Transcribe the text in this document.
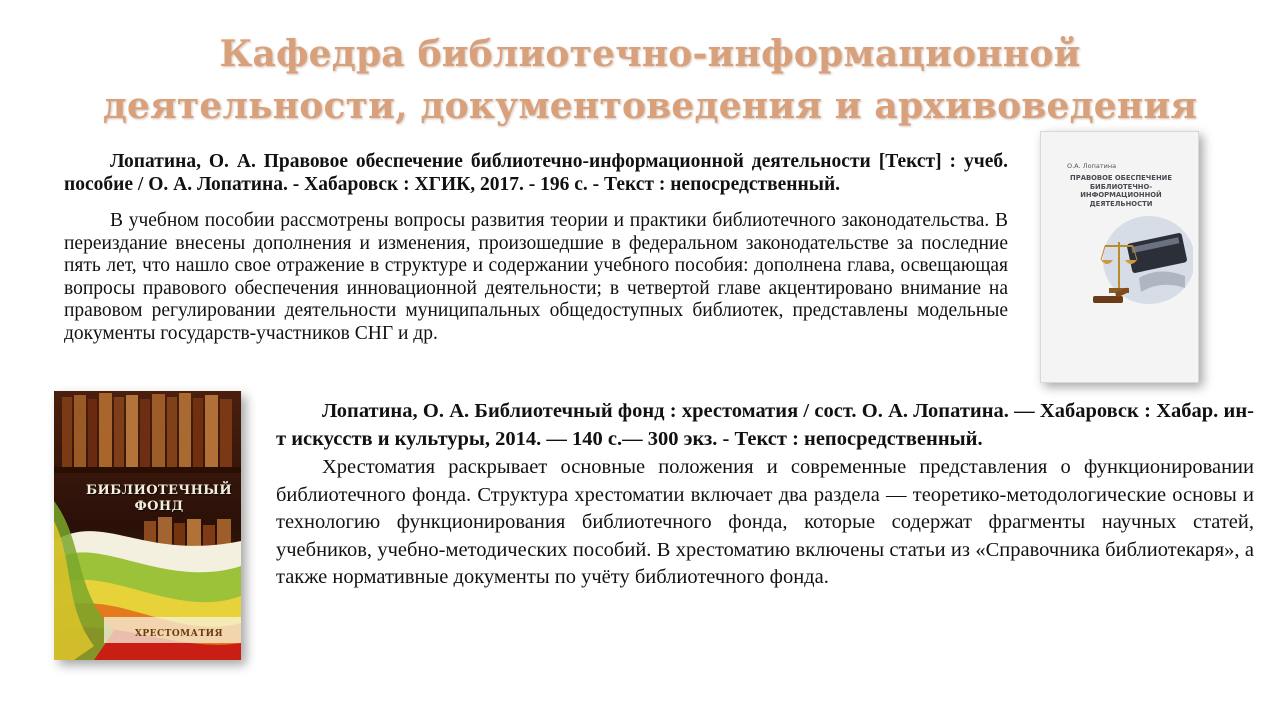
Кафедра библиотечно-информационной
деятельности, документоведения и архивоведения

Лопатина, О. А. Правовое обеспечение библиотечно-информационной деятельности [Текст] : учеб. пособие / О. А. Лопатина. - Хабаровск : ХГИК, 2017. - 196 с. - Текст : непосредственный.

В учебном пособии рассмотрены вопросы развития теории и практики библиотечного законодательства. В переиздание внесены дополнения и изменения, произошедшие в федеральном законодательстве за последние пять лет, что нашло свое отражение в структуре и содержании учебного пособия: дополнена глава, освещающая вопросы правового обеспечения инновационной деятельности; в четвертой главе акцентировано внимание на правовом регулировании деятельности муниципальных общедоступных библиотек, представлены модельные документы государств-участников СНГ и др.

О.А. Лопатина
ПРАВОВОЕ ОБЕСПЕЧЕНИЕ БИБЛИОТЕЧНО-ИНФОРМАЦИОННОЙ ДЕЯТЕЛЬНОСТИ
БИБЛИОТЕЧНЫЙ ФОНД
ХРЕСТОМАТИЯ

Лопатина, О. А. Библиотечный фонд : хрестоматия / сост. О. А. Лопатина. — Хабаровск : Хабар. ин-т искусств и культуры, 2014. — 140 с.— 300 экз. - Текст : непосредственный.

Хрестоматия раскрывает основные положения и современные представления о функционировании библиотечного фонда. Структура хрестоматии включает два раздела — теоретико-методологические основы и технологию функционирования библиотечного фонда, которые содержат фрагменты научных статей, учебников, учебно-методических пособий. В хрестоматию включены статьи из «Справочника библиотекаря», а также нормативные документы по учёту библиотечного фонда.
